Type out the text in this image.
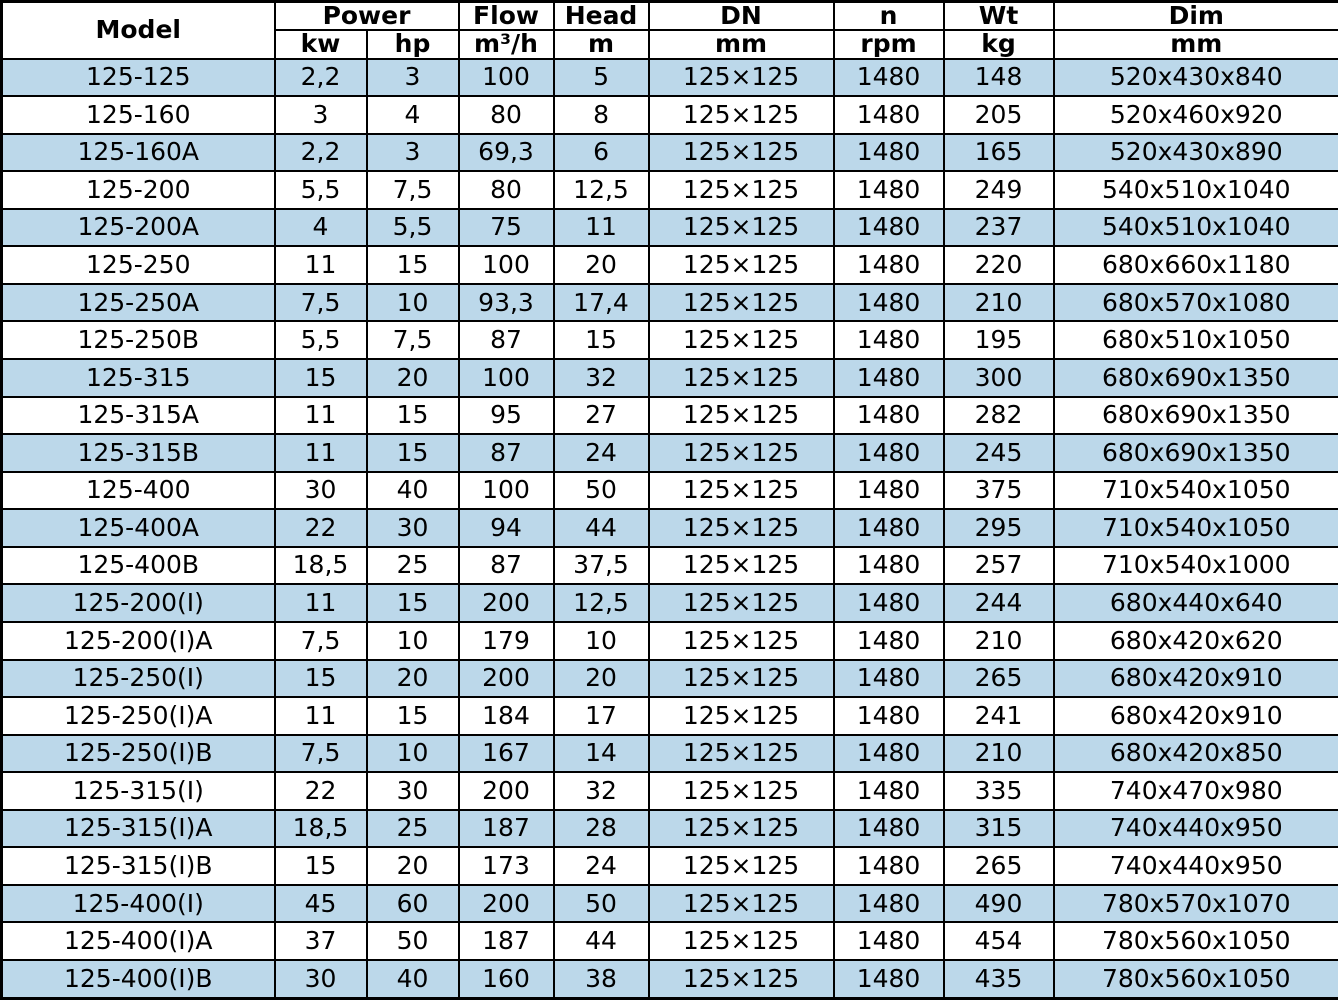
Model	Power		Flow	Head	DN	n	Wt	Dim
	kw	hp	m³/h	m	mm	rpm	kg	mm
125-125	2,2	3	100	5	125×125	1480	148	520x430x840
125-160	3	4	80	8	125×125	1480	205	520x460x920
125-160A	2,2	3	69,3	6	125×125	1480	165	520x430x890
125-200	5,5	7,5	80	12,5	125×125	1480	249	540x510x1040
125-200A	4	5,5	75	11	125×125	1480	237	540x510x1040
125-250	11	15	100	20	125×125	1480	220	680x660x1180
125-250A	7,5	10	93,3	17,4	125×125	1480	210	680x570x1080
125-250B	5,5	7,5	87	15	125×125	1480	195	680x510x1050
125-315	15	20	100	32	125×125	1480	300	680x690x1350
125-315A	11	15	95	27	125×125	1480	282	680x690x1350
125-315B	11	15	87	24	125×125	1480	245	680x690x1350
125-400	30	40	100	50	125×125	1480	375	710x540x1050
125-400A	22	30	94	44	125×125	1480	295	710x540x1050
125-400B	18,5	25	87	37,5	125×125	1480	257	710x540x1000
125-200(I)	11	15	200	12,5	125×125	1480	244	680x440x640
125-200(I)A	7,5	10	179	10	125×125	1480	210	680x420x620
125-250(I)	15	20	200	20	125×125	1480	265	680x420x910
125-250(I)A	11	15	184	17	125×125	1480	241	680x420x910
125-250(I)B	7,5	10	167	14	125×125	1480	210	680x420x850
125-315(I)	22	30	200	32	125×125	1480	335	740x470x980
125-315(I)A	18,5	25	187	28	125×125	1480	315	740x440x950
125-315(I)B	15	20	173	24	125×125	1480	265	740x440x950
125-400(I)	45	60	200	50	125×125	1480	490	780x570x1070
125-400(I)A	37	50	187	44	125×125	1480	454	780x560x1050
125-400(I)B	30	40	160	38	125×125	1480	435	780x560x1050
